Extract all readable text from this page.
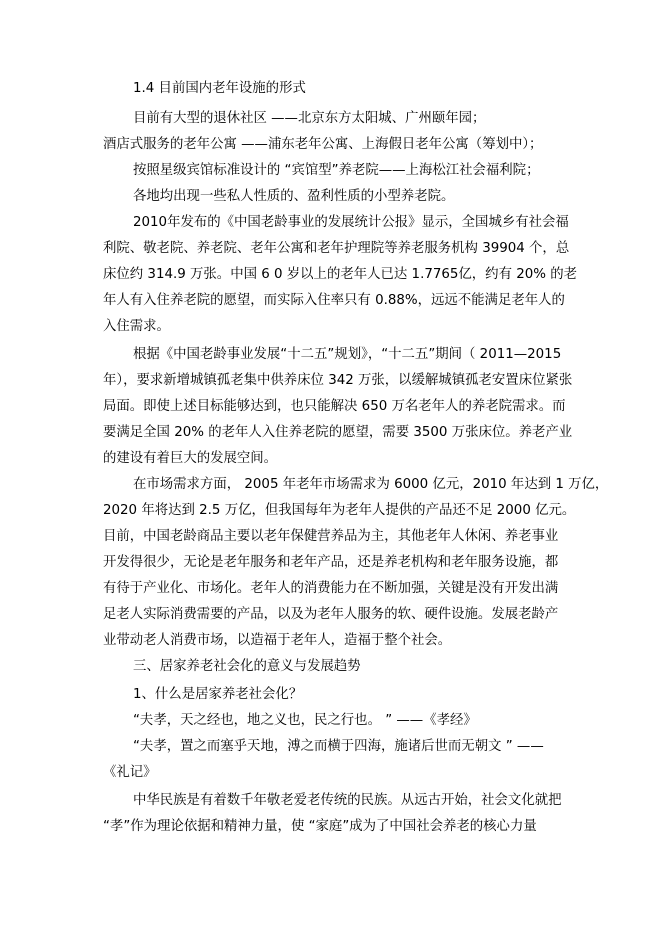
1.4 目前国内老年设施的形式
目前有大型的退休社区 ——北京东方太阳城、广州颐年园；
酒店式服务的老年公寓 ——浦东老年公寓、上海假日老年公寓（筹划中）；
按照星级宾馆标准设计的 “宾馆型”养老院——上海松江社会福利院；
各地均出现一些私人性质的、盈利性质的小型养老院。
2010年发布的《中国老龄事业的发展统计公报》显示，全国城乡有社会福
利院、敬老院、养老院、老年公寓和老年护理院等养老服务机构 39904 个，总
床位约 314.9 万张。中国 6 0 岁以上的老年人已达 1.7765亿，约有 20% 的老
年人有入住养老院的愿望，而实际入住率只有 0.88%，远远不能满足老年人的
入住需求。
根据《中国老龄事业发展“十二五”规划》，“十二五”期间（ 2011—2015
年），要求新增城镇孤老集中供养床位 342 万张，以缓解城镇孤老安置床位紧张
局面。即使上述目标能够达到，也只能解决 650 万名老年人的养老院需求。而
要满足全国 20% 的老年人入住养老院的愿望，需要 3500 万张床位。养老产业
的建设有着巨大的发展空间。
在市场需求方面， 2005 年老年市场需求为 6000 亿元，2010 年达到 1 万亿，
2020 年将达到 2.5 万亿，但我国每年为老年人提供的产品还不足 2000 亿元。
目前，中国老龄商品主要以老年保健营养品为主，其他老年人休闲、养老事业
开发得很少，无论是老年服务和老年产品，还是养老机构和老年服务设施，都
有待于产业化、市场化。老年人的消费能力在不断加强，关键是没有开发出满
足老人实际消费需要的产品，以及为老年人服务的软、硬件设施。发展老龄产
业带动老人消费市场，以造福于老年人，造福于整个社会。
三、居家养老社会化的意义与发展趋势
1、什么是居家养老社会化？
“夫孝，天之经也，地之义也，民之行也。 ” ——《孝经》
“夫孝，置之而塞乎天地，溥之而横于四海，施诸后世而无朝文 ” ——
《礼记》
中华民族是有着数千年敬老爱老传统的民族。从远古开始，社会文化就把
“孝”作为理论依据和精神力量，使 “家庭”成为了中国社会养老的核心力量
